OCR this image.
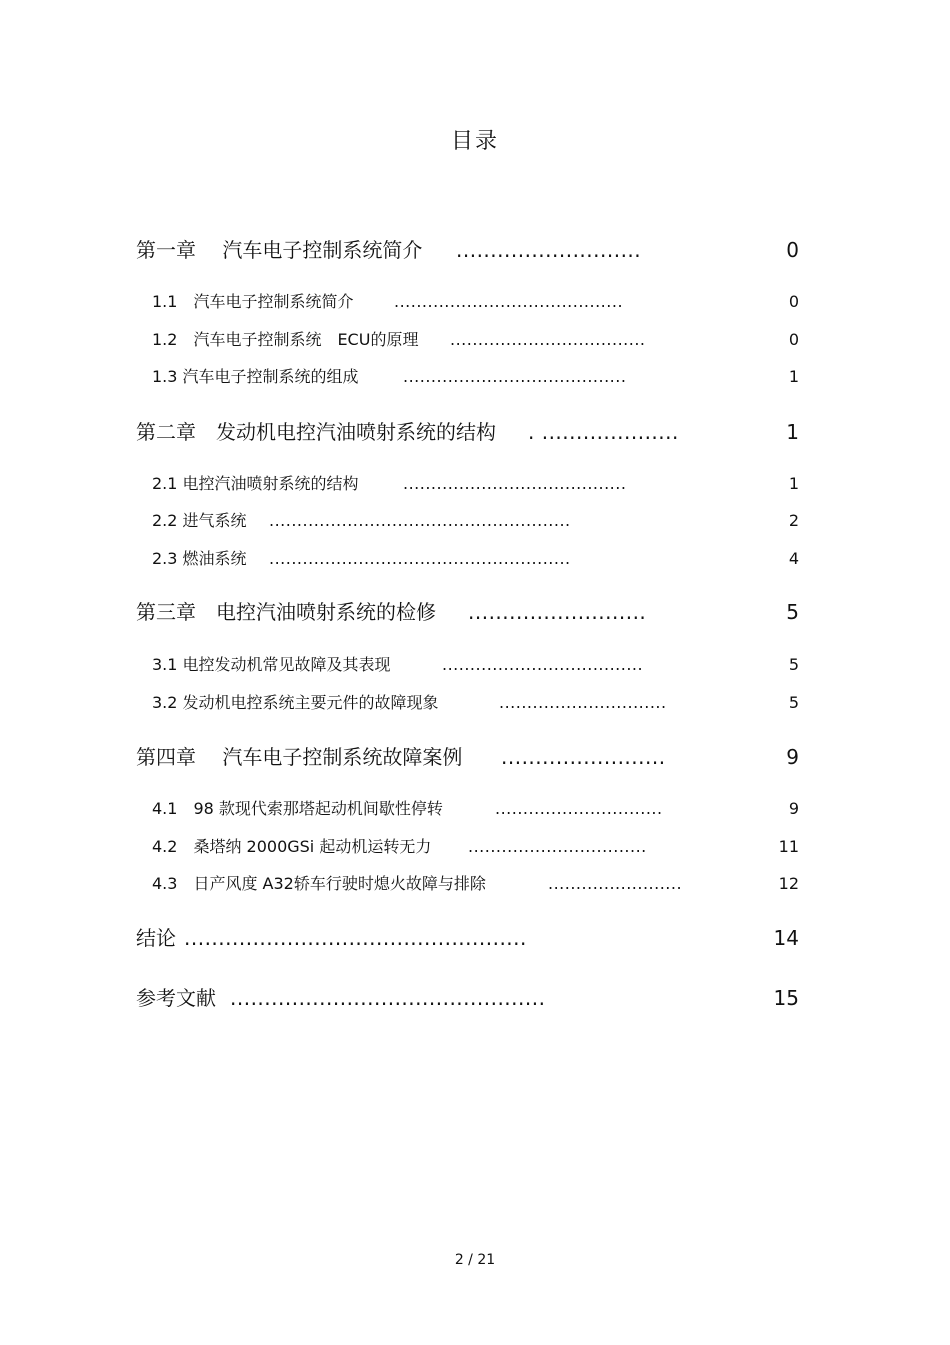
目录
第一章　 汽车电子控制系统简介 ...........................	0
1.1　汽车电子控制系统简介	.........................................	0
1.2　汽车电子控制系统　ECU的原理 ...................................	0
1.3 汽车电子控制系统的组成	........................................	1
第二章　发动机电控汽油喷射系统的结构 . ....................	1
2.1 电控汽油喷射系统的结构	........................................	1
2.2 进气系统 ......................................................	2
2.3 燃油系统 ......................................................	4
第三章　电控汽油喷射系统的检修 ..........................	5
3.1 电控发动机常见故障及其表现	....................................	5
3.2 发动机电控系统主要元件的故障现象	..............................	5
第四章　 汽车电子控制系统故障案例 ........................	9
4.1　98 款现代索那塔起动机间歇性停转	..............................	9
4.2　桑塔纳 2000GSi 起动机运转无力 ................................	11
4.3　日产风度 A32轿车行驶时熄火故障与排除	........................	12
结论 ..................................................	14
参考文献 ..............................................	15
2 / 21
